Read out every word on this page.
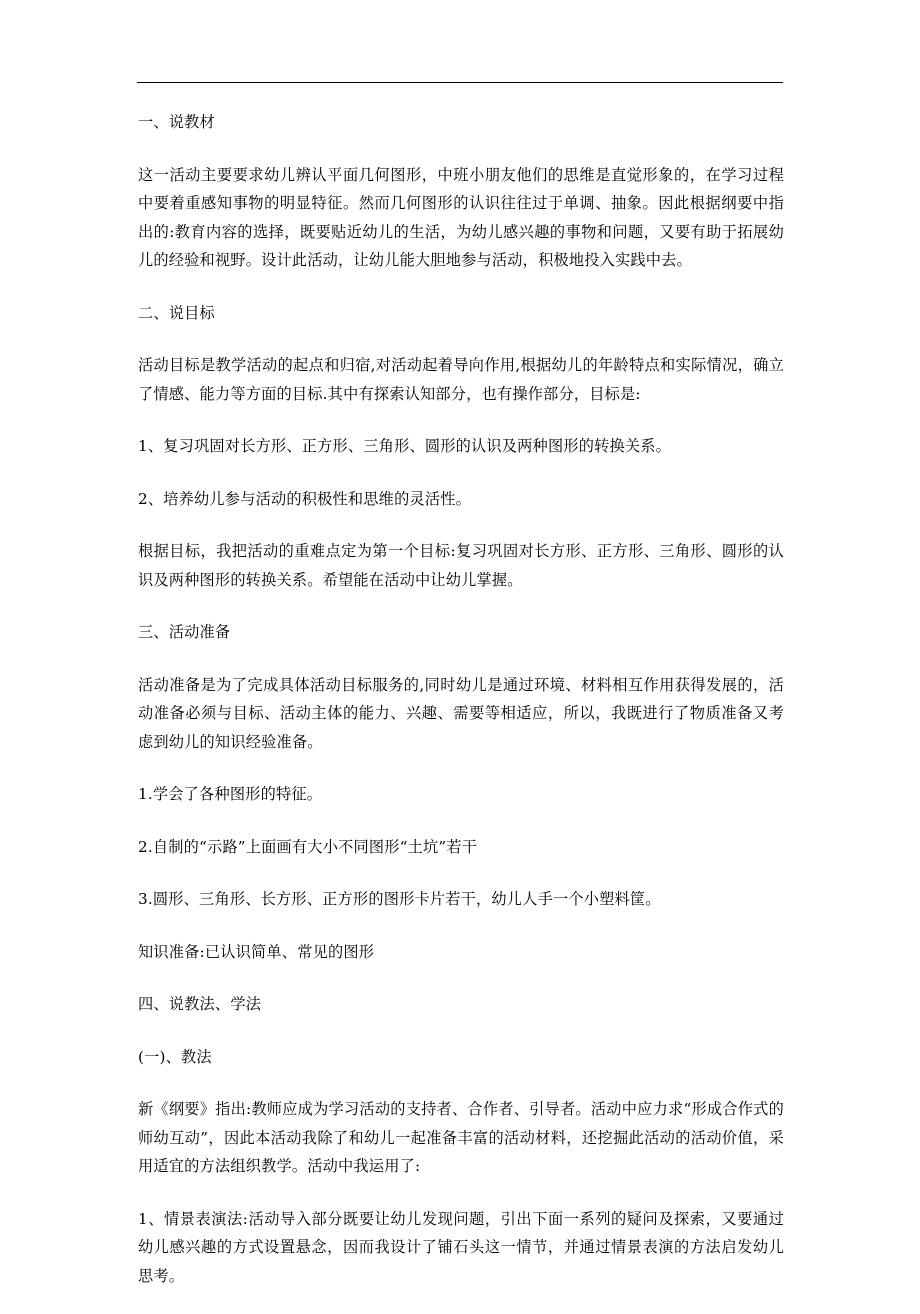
一、说教材

这一活动主要要求幼儿辨认平面几何图形，中班小朋友他们的思维是直觉形象的，在学习过程中要着重感知事物的明显特征。然而几何图形的认识往往过于单调、抽象。因此根据纲要中指出的:教育内容的选择，既要贴近幼儿的生活，为幼儿感兴趣的事物和问题，又要有助于拓展幼儿的经验和视野。设计此活动，让幼儿能大胆地参与活动，积极地投入实践中去。

二、说目标

活动目标是教学活动的起点和归宿,对活动起着导向作用,根据幼儿的年龄特点和实际情况，确立了情感、能力等方面的目标.其中有探索认知部分，也有操作部分，目标是:

1、复习巩固对长方形、正方形、三角形、圆形的认识及两种图形的转换关系。

2、培养幼儿参与活动的积极性和思维的灵活性。

根据目标，我把活动的重难点定为第一个目标:复习巩固对长方形、正方形、三角形、圆形的认识及两种图形的转换关系。希望能在活动中让幼儿掌握。

三、活动准备

活动准备是为了完成具体活动目标服务的,同时幼儿是通过环境、材料相互作用获得发展的，活动准备必须与目标、活动主体的能力、兴趣、需要等相适应，所以，我既进行了物质准备又考虑到幼儿的知识经验准备。

1.学会了各种图形的特征。

2.自制的“示路”上面画有大小不同图形“土坑”若干

3.圆形、三角形、长方形、正方形的图形卡片若干，幼儿人手一个小塑料筐。

知识准备:已认识简单、常见的图形

四、说教法、学法

(一)、教法

新《纲要》指出:教师应成为学习活动的支持者、合作者、引导者。活动中应力求“形成合作式的师幼互动”，因此本活动我除了和幼儿一起准备丰富的活动材料，还挖掘此活动的活动价值，采用适宜的方法组织教学。活动中我运用了:

1、情景表演法:活动导入部分既要让幼儿发现问题，引出下面一系列的疑问及探索，又要通过幼儿感兴趣的方式设置悬念，因而我设计了铺石头这一情节，并通过情景表演的方法启发幼儿思考。
